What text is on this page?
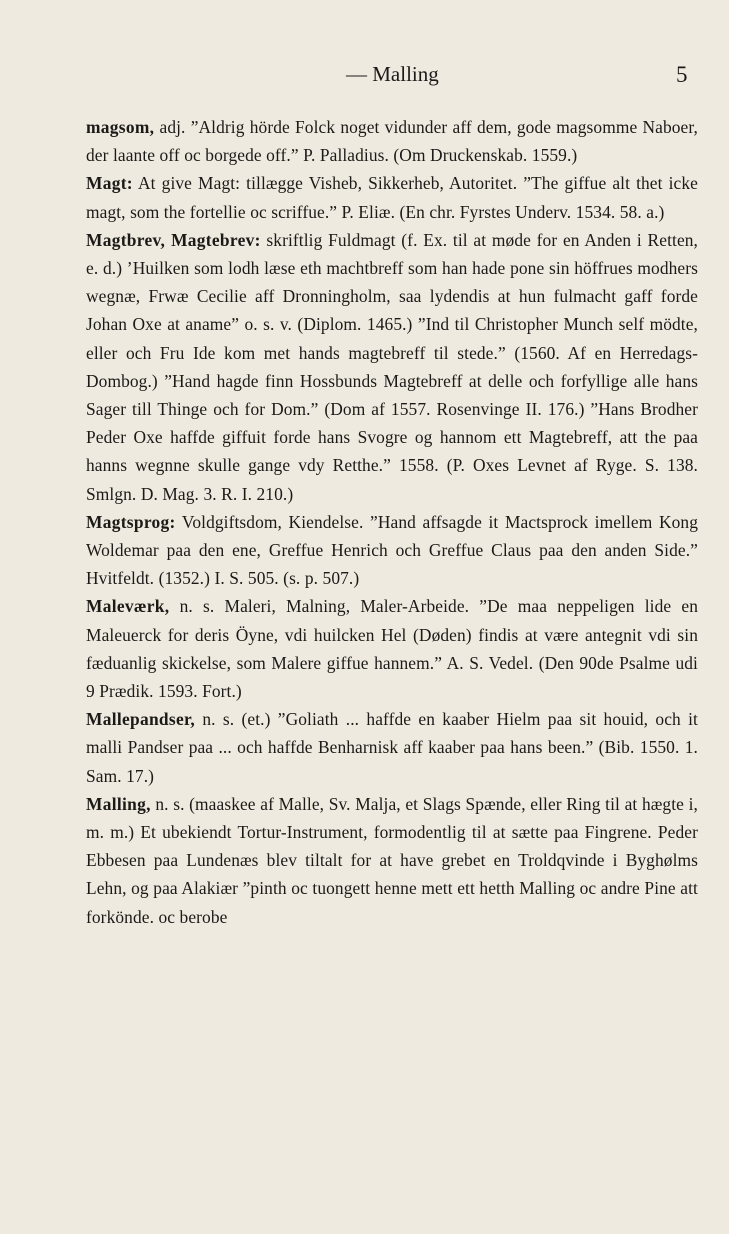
— Malling	5

magsom, adj. ”Aldrig hörde Folck noget vidunder aff dem, gode magsomme Naboer, der laante off oc borgede off.” P. Palladius. (Om Druckenskab. 1559.)

Magt: At give Magt: tillægge Visheb, Sikkerheb, Autoritet. ”The giffue alt thet icke magt, som the fortellie oc scriffue.” P. Eliæ. (En chr. Fyrstes Underv. 1534. 58. a.)

Magtbrev, Magtebrev: skriftlig Fuldmagt (f. Ex. til at møde for en Anden i Retten, e. d.) ’Huilken som lodh læse eth machtbreff som han hade pone sin höffrues modhers wegnæ, Frwæ Cecilie aff Dronningholm, saa lydendis at hun fulmacht gaff forde Johan Oxe at aname” o. s. v. (Diplom. 1465.) ”Ind til Christopher Munch self mödte, eller och Fru Ide kom met hands magtebreff til stede.” (1560. Af en Herredags-Dombog.) ”Hand hagde finn Hossbunds Magtebreff at delle och forfyllige alle hans Sager till Thinge och for Dom.” (Dom af 1557. Rosenvinge II. 176.) ”Hans Brodher Peder Oxe haffde giffuit forde hans Svogre og hannom ett Magtebreff, att the paa hanns wegnne skulle gange vdy Retthe.” 1558. (P. Oxes Levnet af Ryge. S. 138. Smlgn. D. Mag. 3. R. I. 210.)

Magtsprog: Voldgiftsdom, Kiendelse. ”Hand affsagde it Mactsprock imellem Kong Woldemar paa den ene, Greffue Henrich och Greffue Claus paa den anden Side.” Hvitfeldt. (1352.) I. S. 505. (s. p. 507.)

Maleværk, n. s. Maleri, Malning, Maler-Arbeide. ”De maa neppeligen lide en Maleuerck for deris Öyne, vdi huilcken Hel (Døden) findis at være antegnit vdi sin fæduanlig skickelse, som Malere giffue hannem.” A. S. Vedel. (Den 90de Psalme udi 9 Prædik. 1593. Fort.)

Mallepandser, n. s. (et.) ”Goliath ... haffde en kaaber Hielm paa sit houid, och it malli Pandser paa ... och haffde Benharnisk aff kaaber paa hans been.” (Bib. 1550. 1. Sam. 17.)

Malling, n. s. (maaskee af Malle, Sv. Malja, et Slags Spænde, eller Ring til at hægte i, m. m.) Et ubekiendt Tortur-Instrument, formodentlig til at sætte paa Fingrene. Peder Ebbesen paa Lundenæs blev tiltalt for at have grebet en Troldqvinde i Byghølms Lehn, og paa Alakiær ”pinth oc tuongett henne mett ett hetth Malling oc andre Pine att forkönde. oc berobe
